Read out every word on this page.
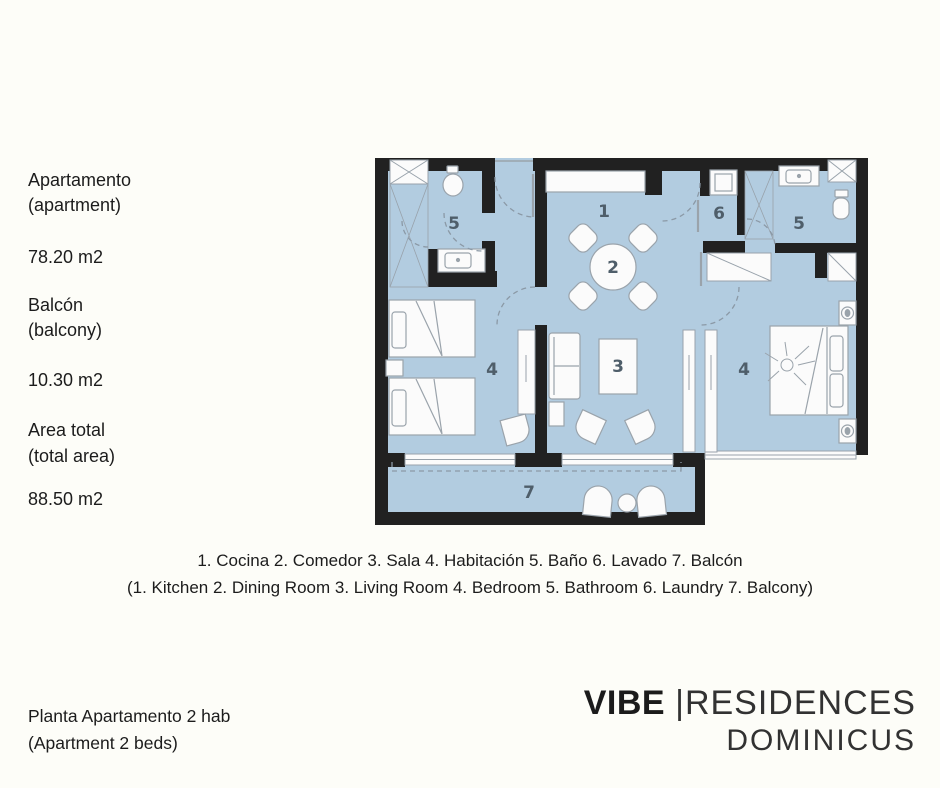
Apartamento
(apartment)
78.20 m2
Balcón
(balcony)
10.30 m2
Area total
(total area)
88.50 m2
1
2
3
4	4
5	5
6
7
1. Cocina 2. Comedor 3. Sala 4. Habitación 5. Baño 6. Lavado 7. Balcón
(1. Kitchen 2. Dining Room 3. Living Room 4. Bedroom 5. Bathroom 6. Laundry 7. Balcony)
Planta Apartamento 2 hab
(Apartment 2 beds)
VIBE |RESIDENCES
DOMINICUS
